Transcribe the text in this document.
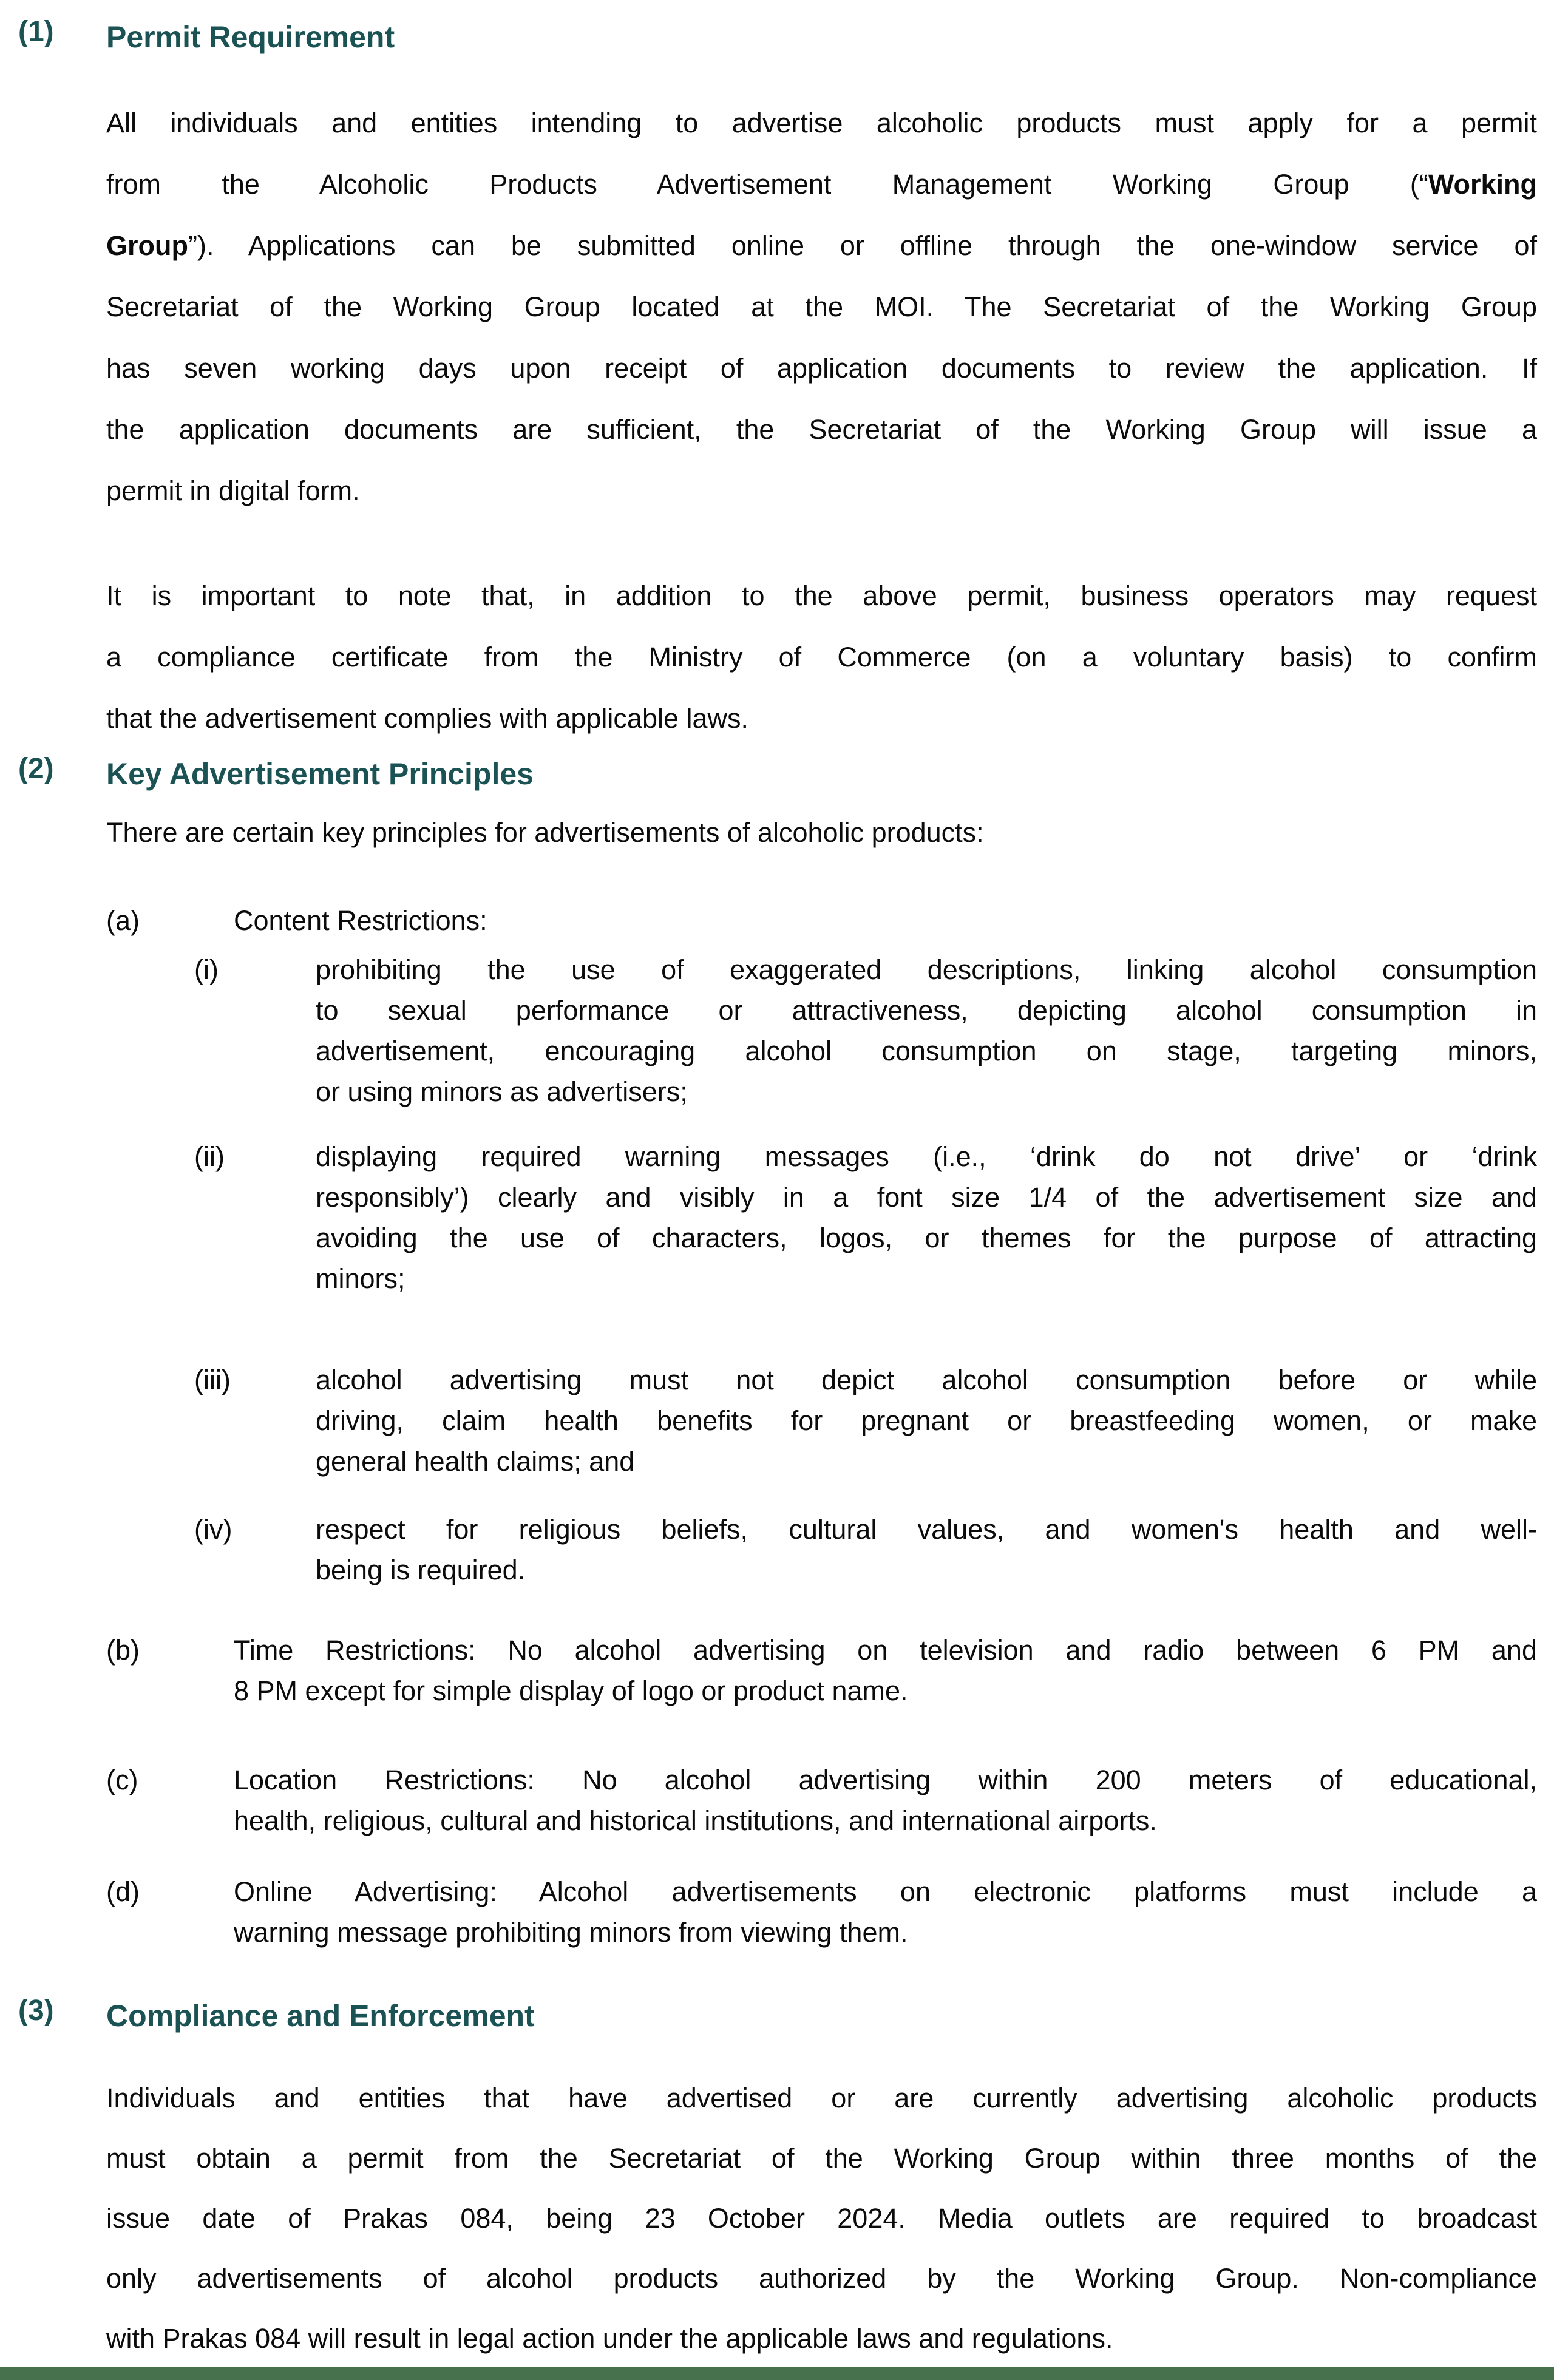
(1)	Permit Requirement
All individuals and entities intending to advertise alcoholic products must apply for a permit
from the Alcoholic Products Advertisement Management Working Group (“Working
Group”). Applications can be submitted online or offline through the one-window service of
Secretariat of the Working Group located at the MOI. The Secretariat of the Working Group
has seven working days upon receipt of application documents to review the application. If
the application documents are sufficient, the Secretariat of the Working Group will issue a
permit in digital form.
It is important to note that, in addition to the above permit, business operators may request
a compliance certificate from the Ministry of Commerce (on a voluntary basis) to confirm
that the advertisement complies with applicable laws.
(2)	Key Advertisement Principles
There are certain key principles for advertisements of alcoholic products:
(a)	Content Restrictions:
(i)	prohibiting the use of exaggerated descriptions, linking alcohol consumption
to sexual performance or attractiveness, depicting alcohol consumption in
advertisement, encouraging alcohol consumption on stage, targeting minors,
or using minors as advertisers;
(ii)	displaying required warning messages (i.e., ‘drink do not drive’ or ‘drink
responsibly’) clearly and visibly in a font size 1/4 of the advertisement size and
avoiding the use of characters, logos, or themes for the purpose of attracting
minors;
(iii)	alcohol advertising must not depict alcohol consumption before or while
driving, claim health benefits for pregnant or breastfeeding women, or make
general health claims; and
(iv)	respect for religious beliefs, cultural values, and women's health and well-
being is required.
(b)	Time Restrictions: No alcohol advertising on television and radio between 6 PM and
8 PM except for simple display of logo or product name.
(c)	Location Restrictions: No alcohol advertising within 200 meters of educational,
health, religious, cultural and historical institutions, and international airports.
(d)	Online Advertising: Alcohol advertisements on electronic platforms must include a
warning message prohibiting minors from viewing them.
(3)	Compliance and Enforcement
Individuals and entities that have advertised or are currently advertising alcoholic products
must obtain a permit from the Secretariat of the Working Group within three months of the
issue date of Prakas 084, being 23 October 2024. Media outlets are required to broadcast
only advertisements of alcohol products authorized by the Working Group. Non-compliance
with Prakas 084 will result in legal action under the applicable laws and regulations.
